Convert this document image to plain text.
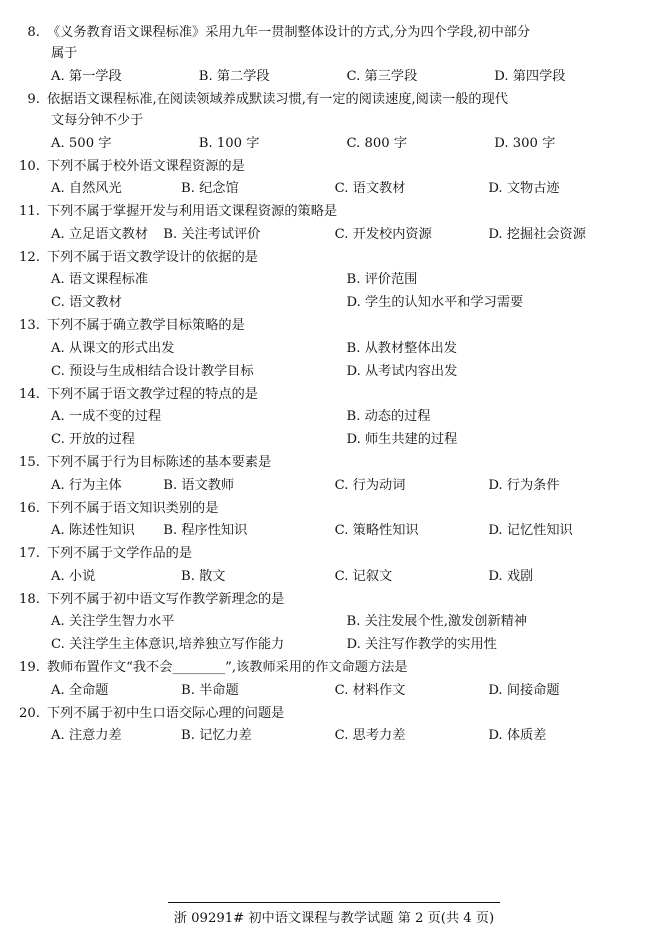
8. 《义务教育语文课程标准》采用九年一贯制整体设计的方式,分为四个学段,初中部分
属于
A. 第一学段	B. 第二学段	C. 第三学段	D. 第四学段
9. 依据语文课程标准,在阅读领域养成默读习惯,有一定的阅读速度,阅读一般的现代
文每分钟不少于
A. 500 字	B. 100 字	C. 800 字	D. 300 字
10. 下列不属于校外语文课程资源的是
A. 自然风光	B. 纪念馆	C. 语文教材	D. 文物古迹
11. 下列不属于掌握开发与利用语文课程资源的策略是
A. 立足语文教材	B. 关注考试评价	C. 开发校内资源	D. 挖掘社会资源
12. 下列不属于语文教学设计的依据的是
A. 语文课程标准	B. 评价范围
C. 语文教材	D. 学生的认知水平和学习需要
13. 下列不属于确立教学目标策略的是
A. 从课文的形式出发	B. 从教材整体出发
C. 预设与生成相结合设计教学目标	D. 从考试内容出发
14. 下列不属于语文教学过程的特点的是
A. 一成不变的过程	B. 动态的过程
C. 开放的过程	D. 师生共建的过程
15. 下列不属于行为目标陈述的基本要素是
A. 行为主体	B. 语文教师	C. 行为动词	D. 行为条件
16. 下列不属于语文知识类别的是
A. 陈述性知识	B. 程序性知识	C. 策略性知识	D. 记忆性知识
17. 下列不属于文学作品的是
A. 小说	B. 散文	C. 记叙文	D. 戏剧
18. 下列不属于初中语文写作教学新理念的是
A. 关注学生智力水平	B. 关注发展个性,激发创新精神
C. 关注学生主体意识,培养独立写作能力	D. 关注写作教学的实用性
19. 教师布置作文“我不会________”,该教师采用的作文命题方法是
A. 全命题	B. 半命题	C. 材料作文	D. 间接命题
20. 下列不属于初中生口语交际心理的问题是
A. 注意力差	B. 记忆力差	C. 思考力差	D. 体质差
浙 09291# 初中语文课程与教学试题 第 2 页(共 4 页)
